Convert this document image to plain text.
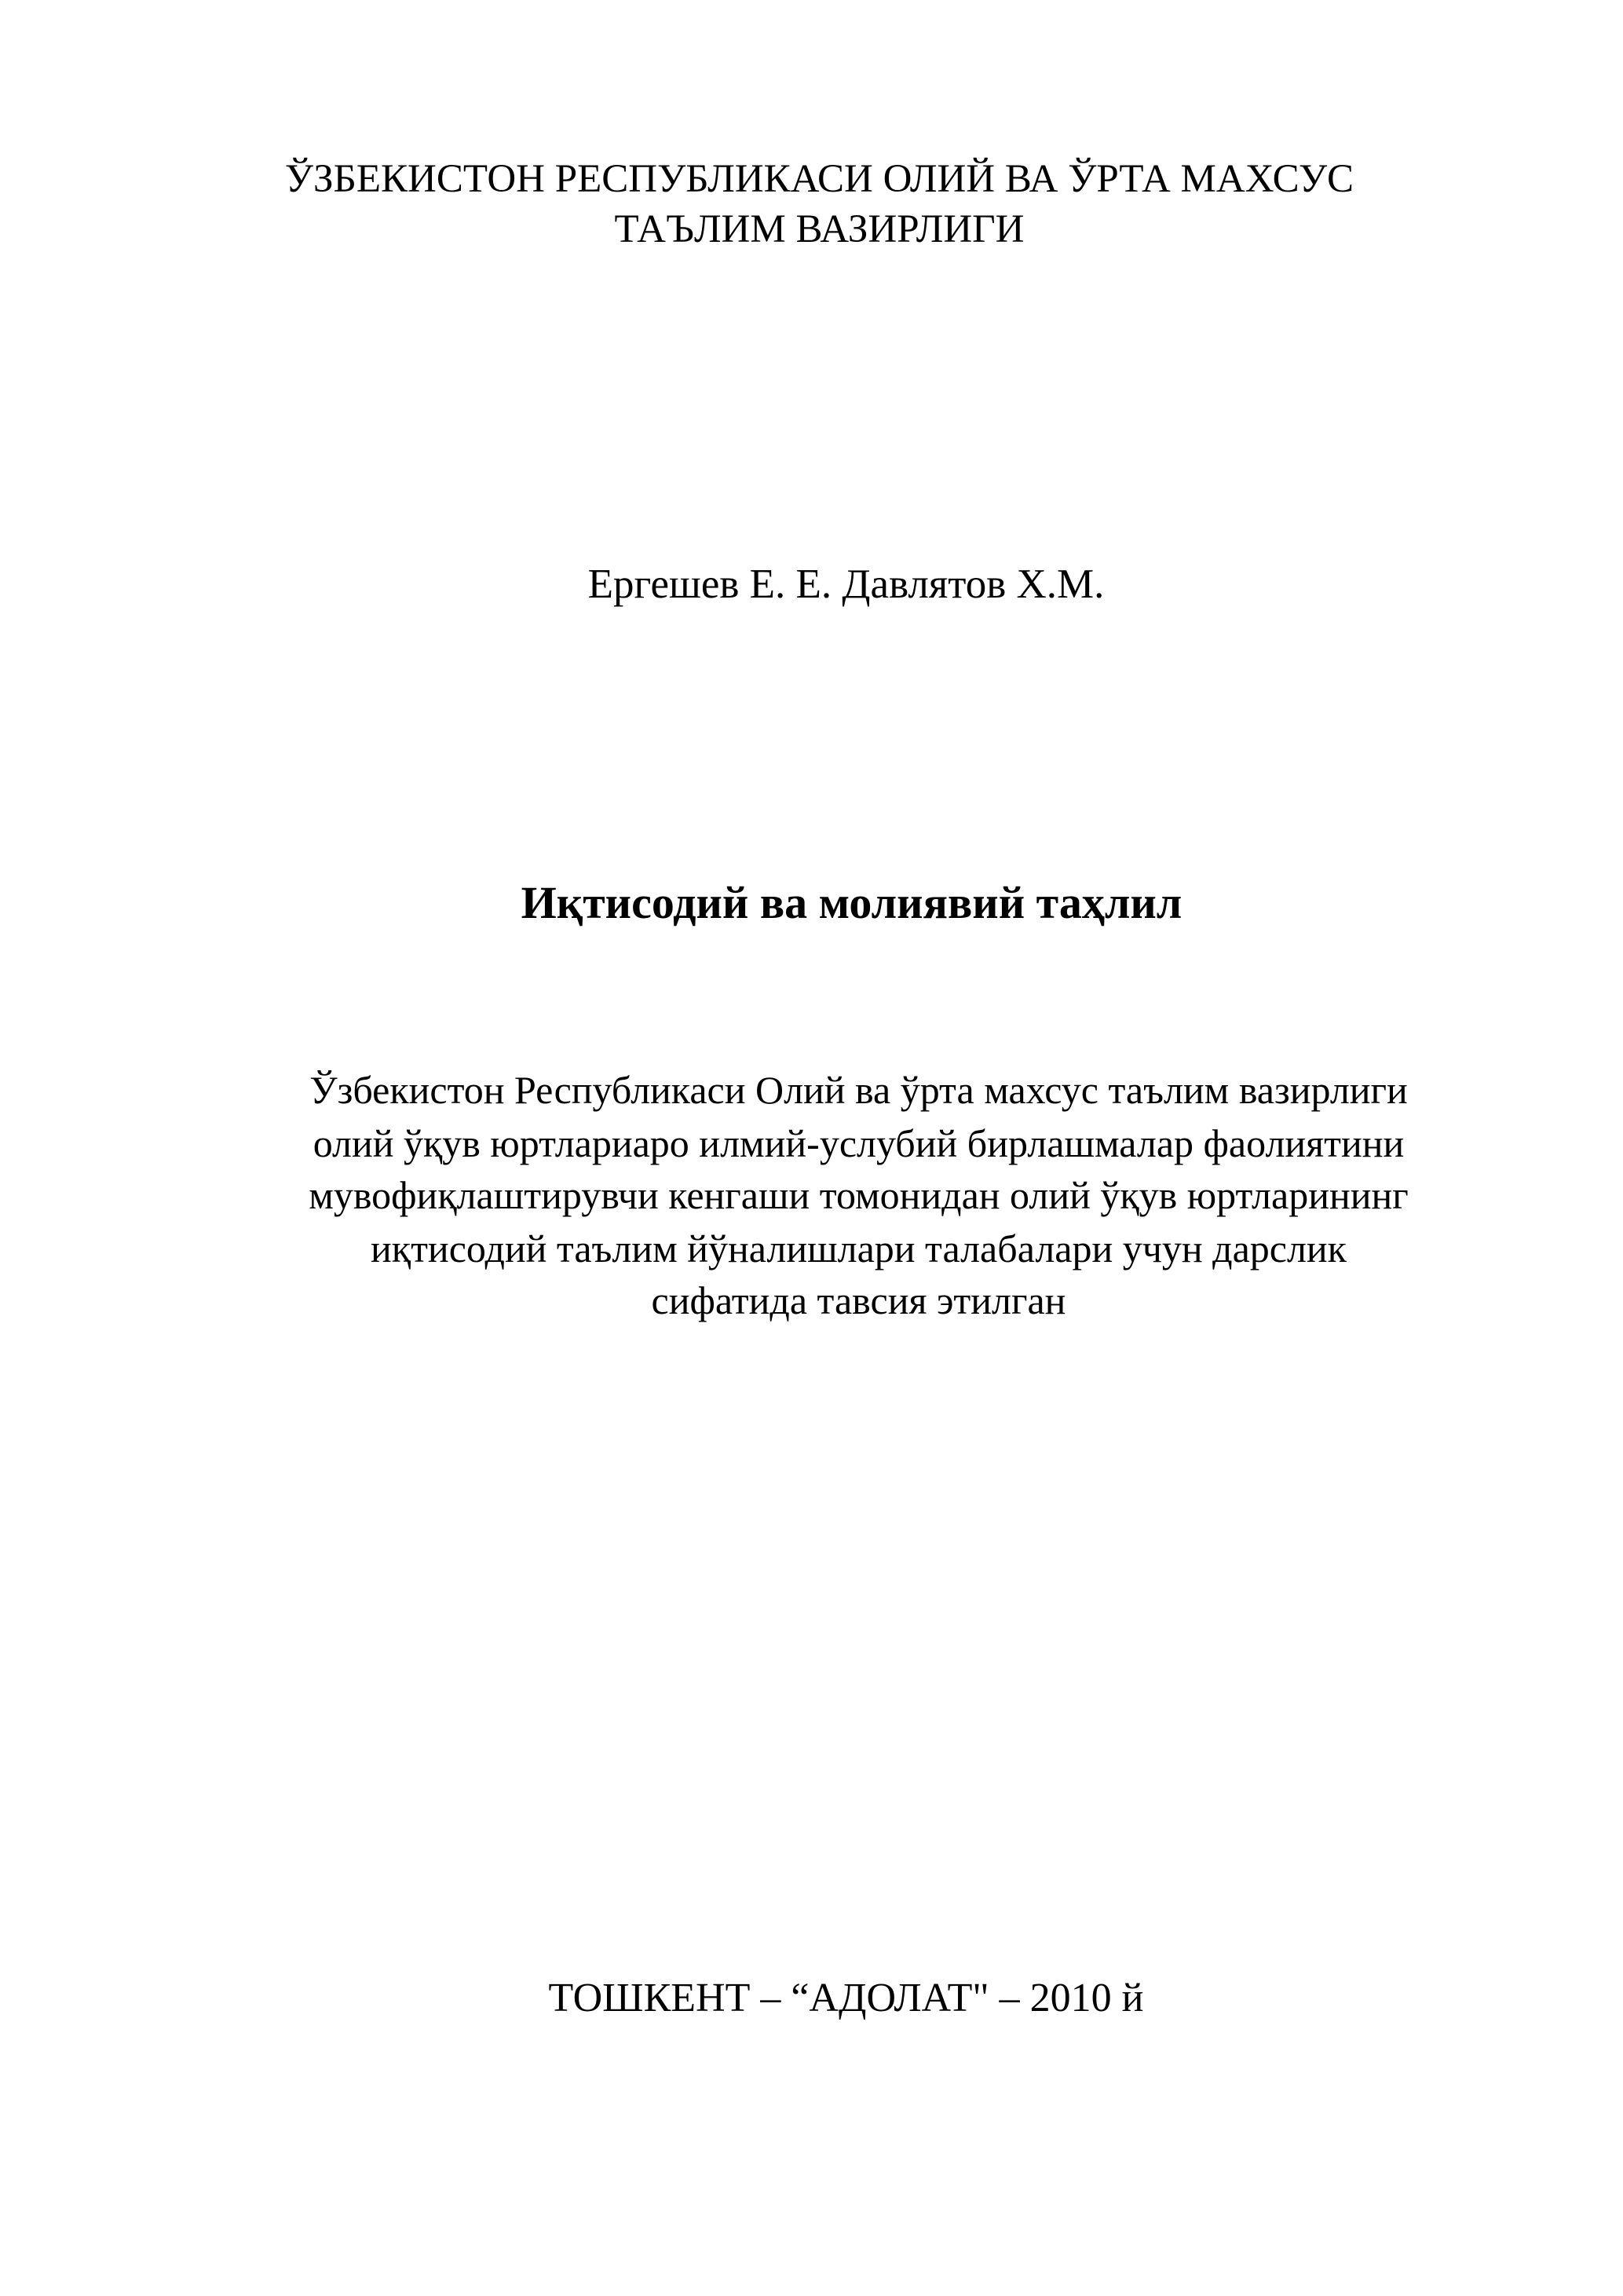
ЎЗБЕКИСТОН РЕСПУБЛИКАСИ ОЛИЙ ВА ЎРТА МАХСУС
ТАЪЛИМ ВАЗИРЛИГИ
Ергешев Е. Е. Давлятов Х.М.
Иқтисодий ва молиявий таҳлил
Ўзбекистон Республикаси Олий ва ўрта махсус таълим вазирлиги
олий ўқув юртлариаро илмий-услубий бирлашмалар фаолиятини
мувофиқлаштирувчи кенгаши томонидан олий ўқув юртларининг
иқтисодий таълим йўналишлари талабалари учун дарслик
сифатида тавсия этилган
ТОШКЕНТ – “АДОЛАТ" – 2010 й
